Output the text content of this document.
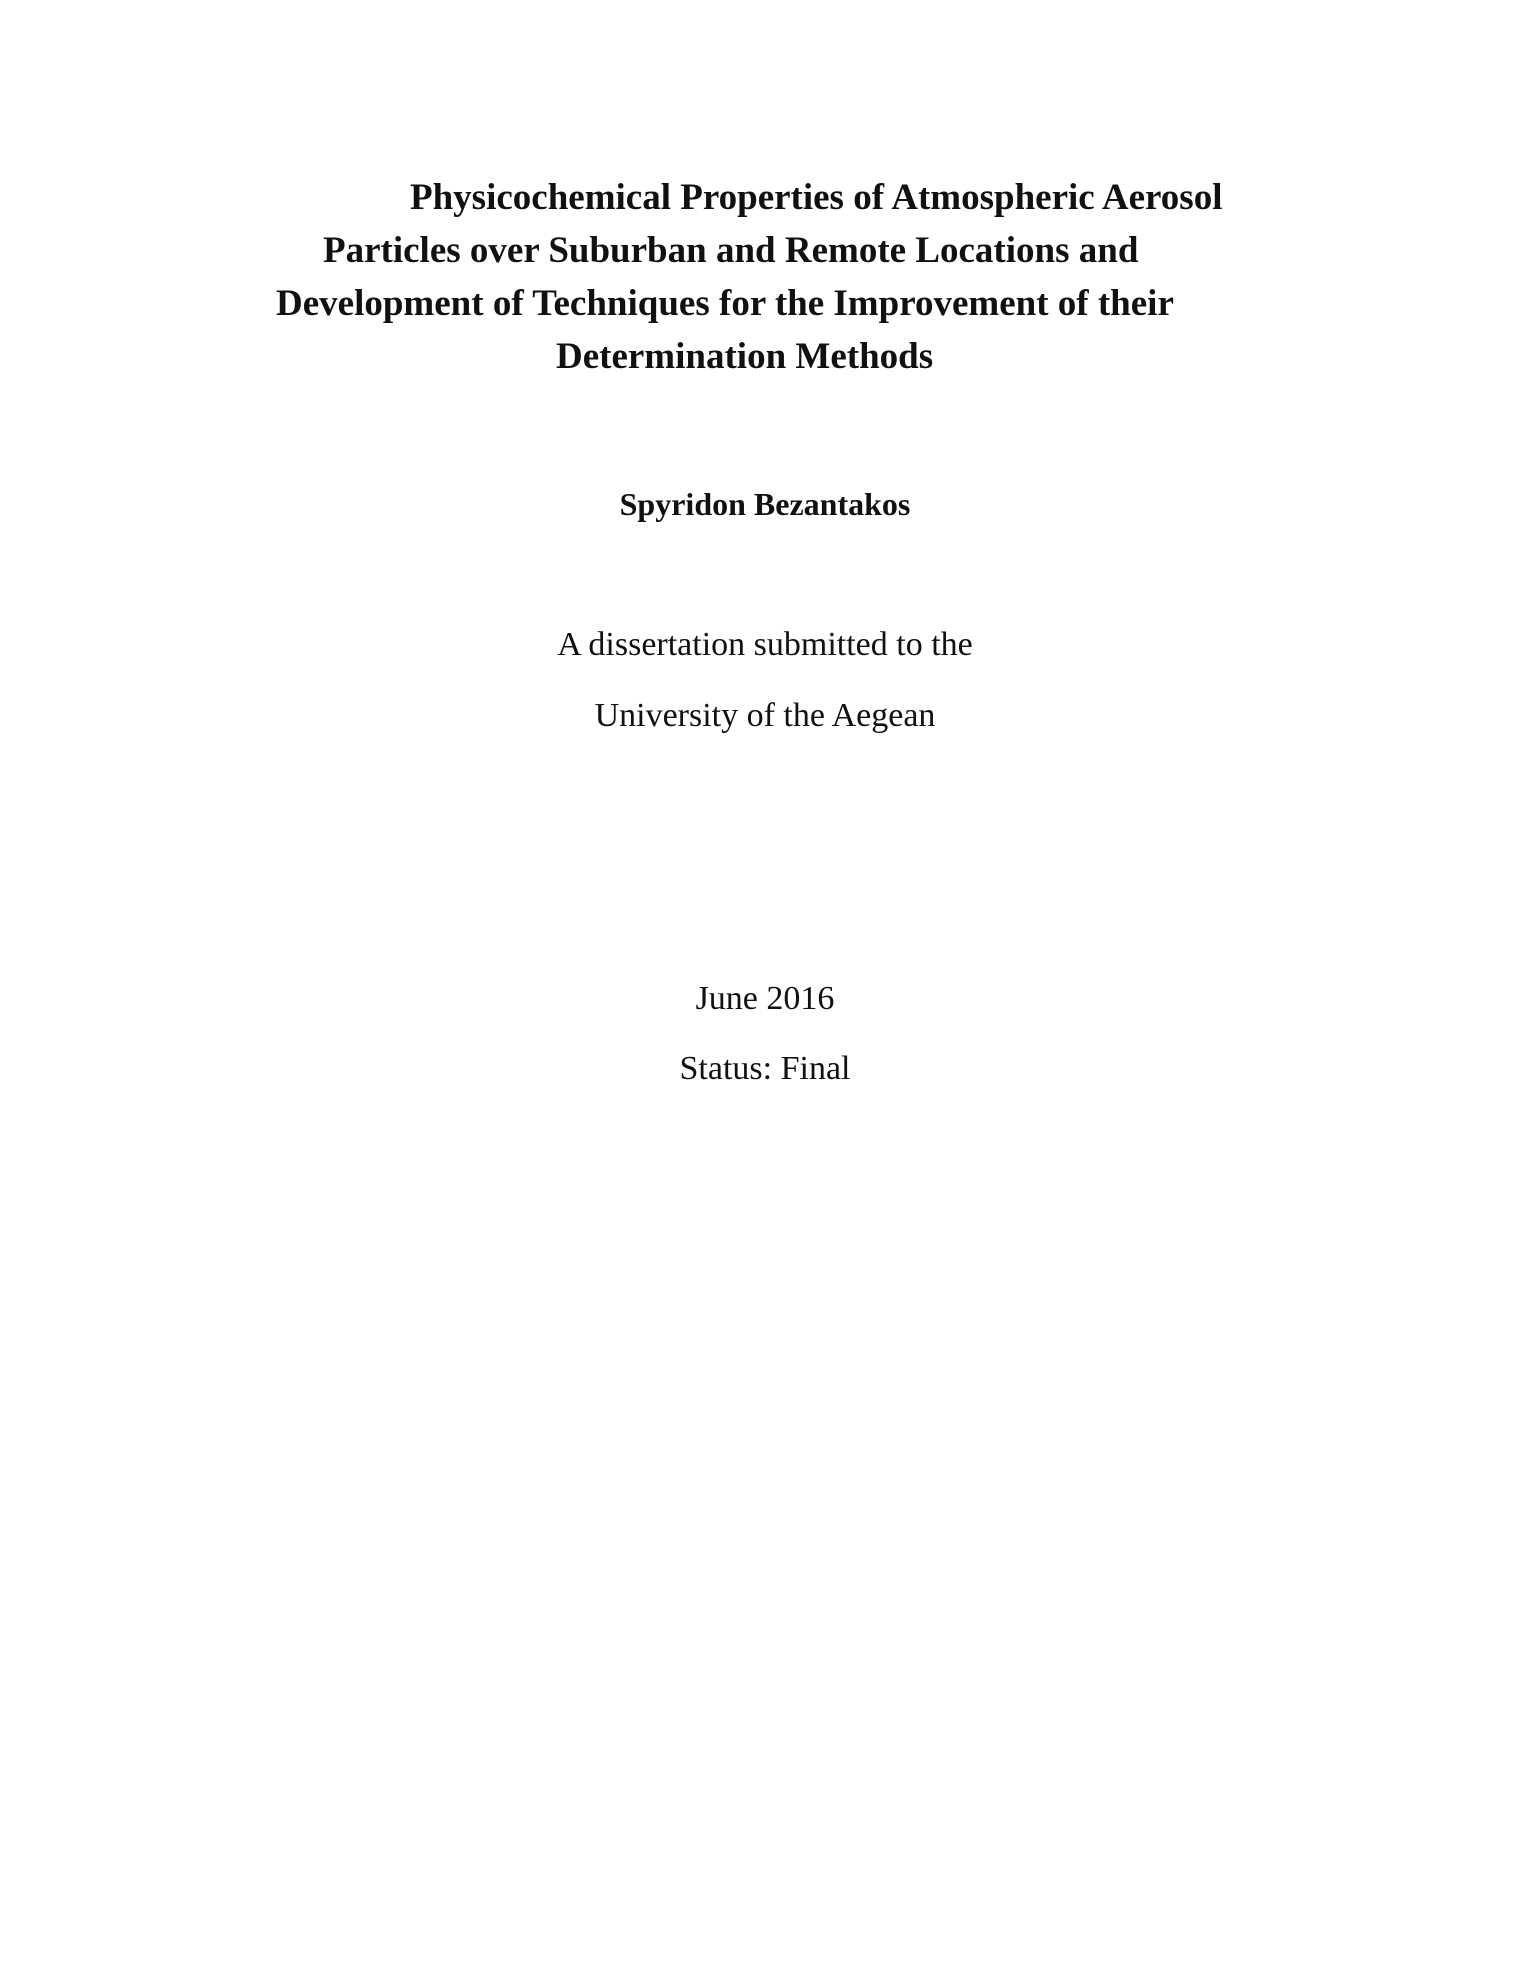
Physicochemical Properties of Atmospheric Aerosol
Particles over Suburban and Remote Locations and
Development of Techniques for the Improvement of their
Determination Methods
Spyridon Bezantakos
A dissertation submitted to the
University of the Aegean
June 2016
Status: Final
